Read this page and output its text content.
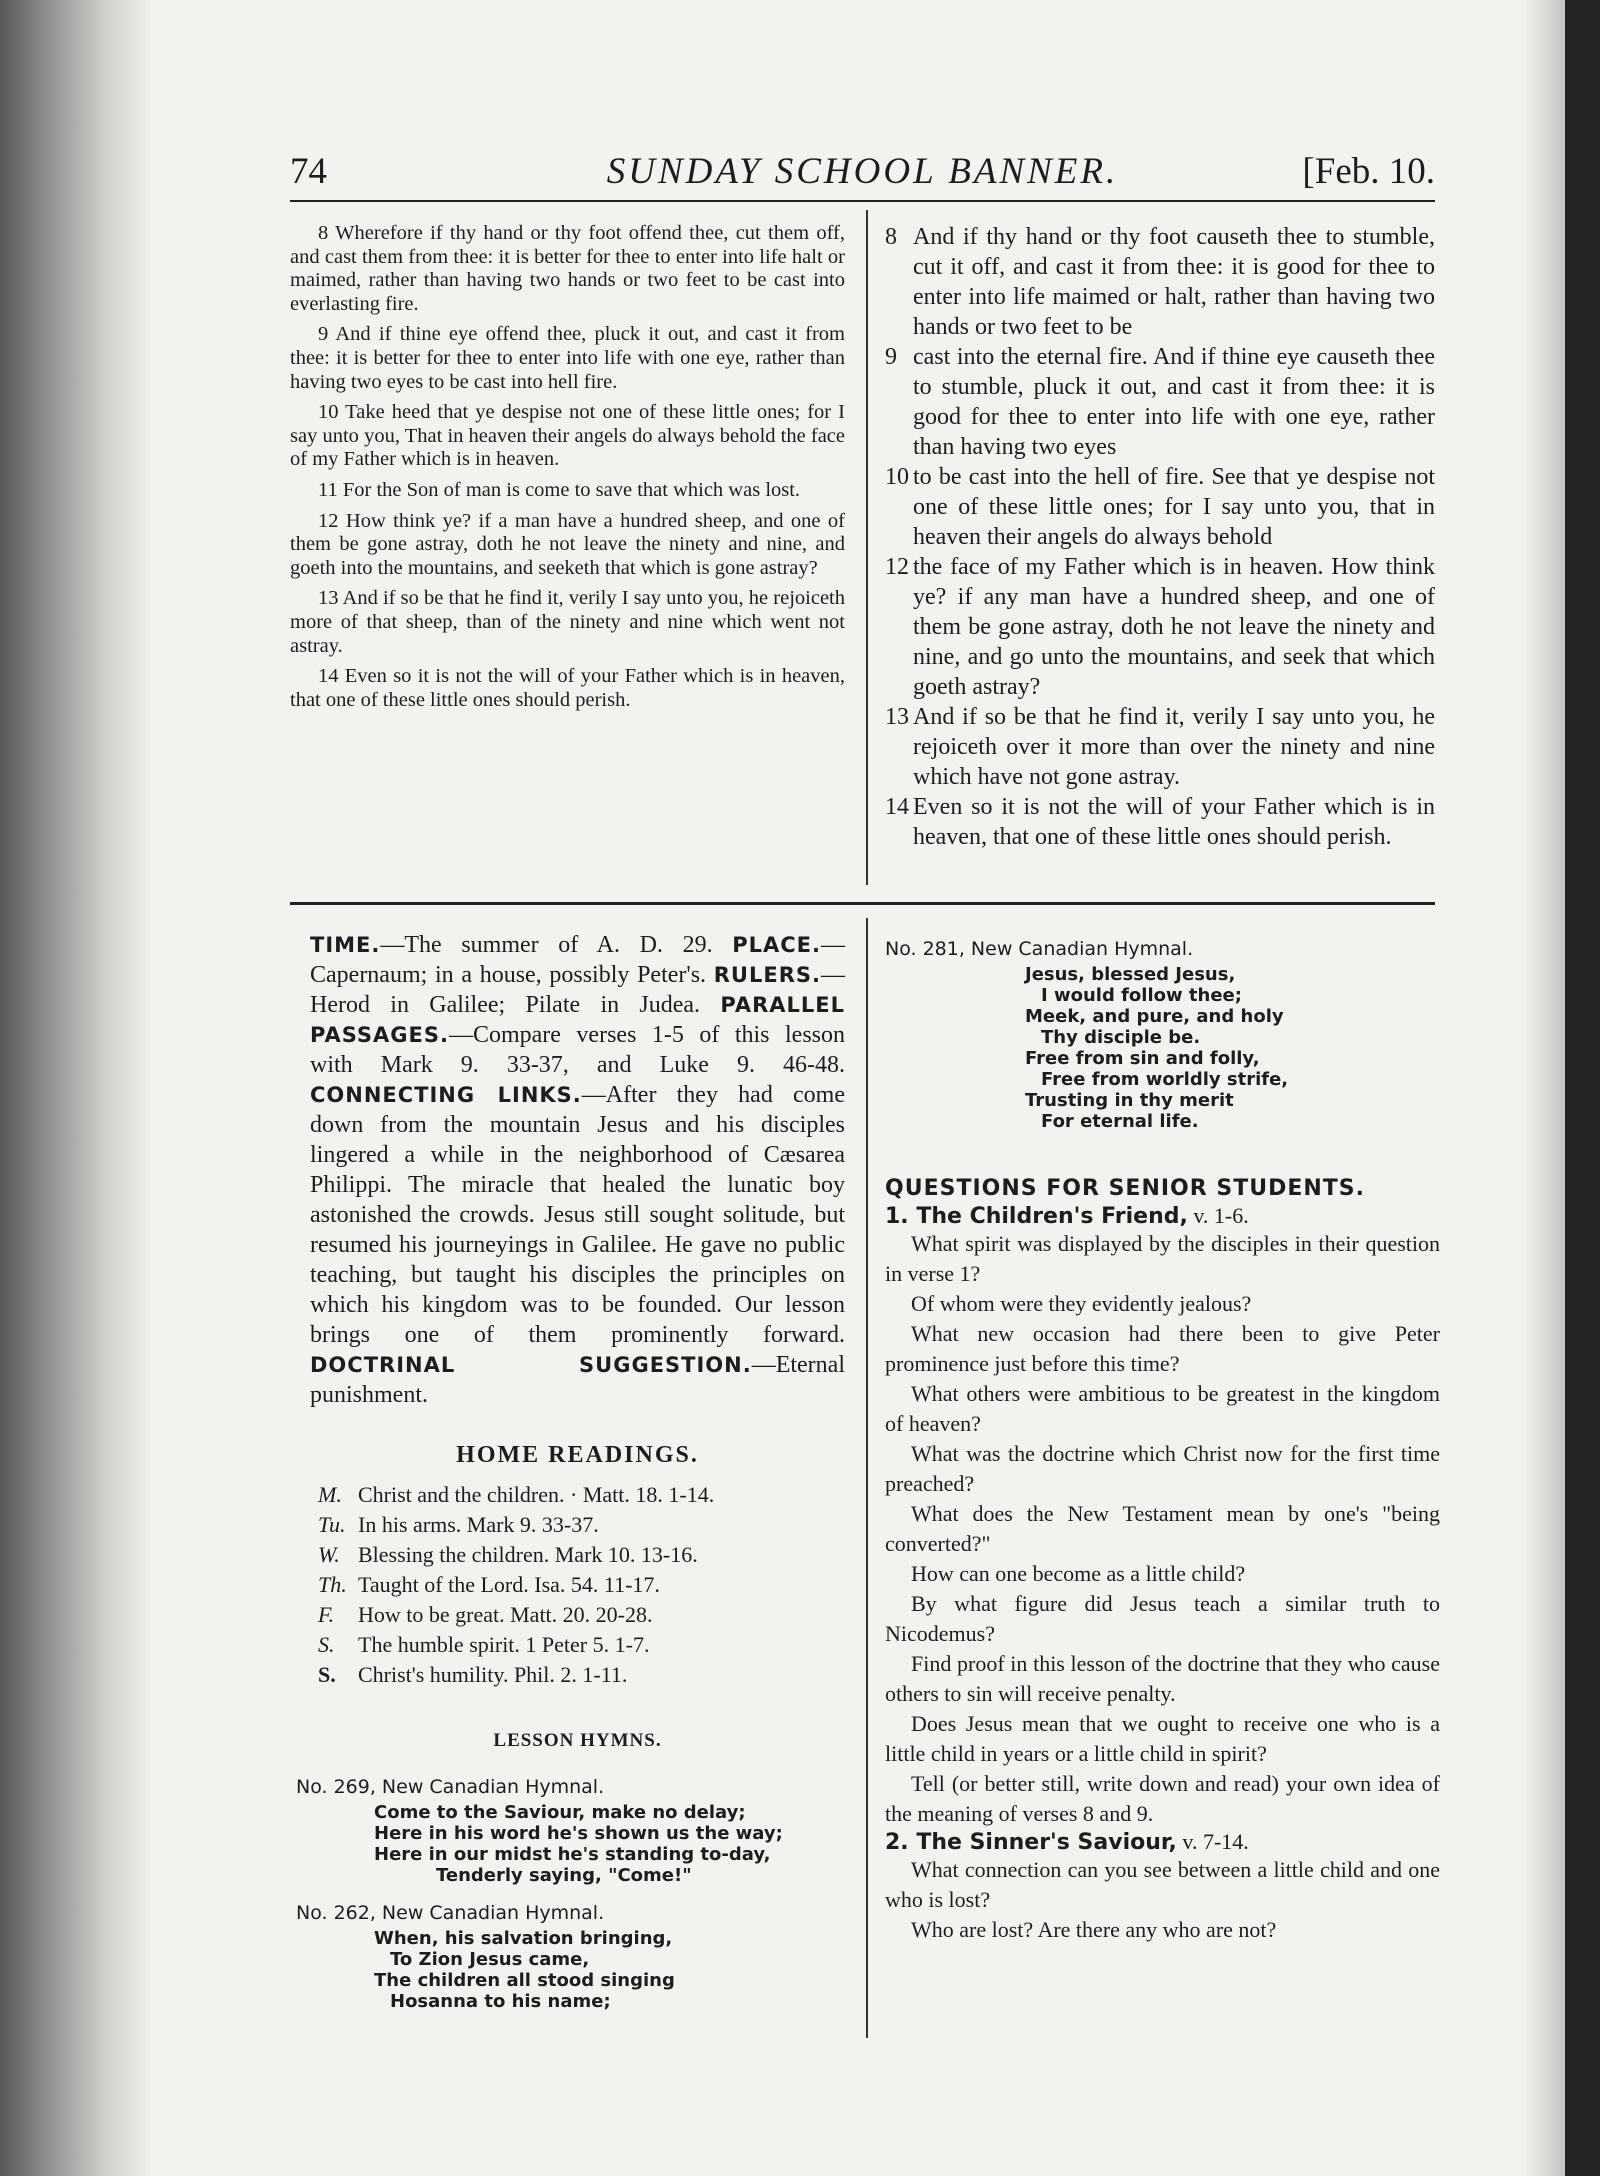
74	SUNDAY SCHOOL BANNER.	[Feb. 10.

8 Wherefore if thy hand or thy foot offend thee, cut them off, and cast them from thee: it is better for thee to enter into life halt or maimed, rather than having two hands or two feet to be cast into everlasting fire.

9 And if thine eye offend thee, pluck it out, and cast it from thee: it is better for thee to enter into life with one eye, rather than having two eyes to be cast into hell fire.

10 Take heed that ye despise not one of these little ones; for I say unto you, That in heaven their angels do always behold the face of my Father which is in heaven.

11 For the Son of man is come to save that which was lost.

12 How think ye? if a man have a hundred sheep, and one of them be gone astray, doth he not leave the ninety and nine, and goeth into the mountains, and seeketh that which is gone astray?

13 And if so be that he find it, verily I say unto you, he rejoiceth more of that sheep, than of the ninety and nine which went not astray.

14 Even so it is not the will of your Father which is in heaven, that one of these little ones should perish.

8 And if thy hand or thy foot causeth thee to stumble, cut it off, and cast it from thee: it is good for thee to enter into life maimed or halt, rather than having two hands or two feet to be
9 cast into the eternal fire. And if thine eye causeth thee to stumble, pluck it out, and cast it from thee: it is good for thee to enter into life with one eye, rather than having two eyes
10 to be cast into the hell of fire. See that ye despise not one of these little ones; for I say unto you, that in heaven their angels do always behold
12 the face of my Father which is in heaven. How think ye? if any man have a hundred sheep, and one of them be gone astray, doth he not leave the ninety and nine, and go unto the mountains, and seek that which goeth astray?
13 And if so be that he find it, verily I say unto you, he rejoiceth over it more than over the ninety and nine which have not gone astray.
14 Even so it is not the will of your Father which is in heaven, that one of these little ones should perish.

TIME.—The summer of A. D. 29. PLACE.—Capernaum; in a house, possibly Peter's. RULERS.—Herod in Galilee; Pilate in Judea. PARALLEL PASSAGES.—Compare verses 1-5 of this lesson with Mark 9. 33-37, and Luke 9. 46-48. CONNECTING LINKS.—After they had come down from the mountain Jesus and his disciples lingered a while in the neighborhood of Cæsarea Philippi. The miracle that healed the lunatic boy astonished the crowds. Jesus still sought solitude, but resumed his journeyings in Galilee. He gave no public teaching, but taught his disciples the principles on which his kingdom was to be founded. Our lesson brings one of them prominently forward. DOCTRINAL SUGGESTION.—Eternal punishment.

HOME READINGS.
M. Christ and the children. · Matt. 18. 1-14.
Tu. In his arms. Mark 9. 33-37.
W. Blessing the children. Mark 10. 13-16.
Th. Taught of the Lord. Isa. 54. 11-17.
F.	How to be great. Matt. 20. 20-28.
S.	The humble spirit. 1 Peter 5. 1-7.
S.	Christ's humility. Phil. 2. 1-11.
LESSON HYMNS.
No. 269, New Canadian Hymnal.
Come to the Saviour, make no delay;
Here in his word he's shown us the way;
Here in our midst he's standing to-day,
Tenderly saying, "Come!"
No. 262, New Canadian Hymnal.
When, his salvation bringing,
To Zion Jesus came,
The children all stood singing
Hosanna to his name;
No. 281, New Canadian Hymnal.
Jesus, blessed Jesus,
I would follow thee;
Meek, and pure, and holy
Thy disciple be.
Free from sin and folly,
Free from worldly strife,
Trusting in thy merit
For eternal life.
QUESTIONS FOR SENIOR STUDENTS.
1. The Children's Friend, v. 1-6.

What spirit was displayed by the disciples in their question in verse 1?

Of whom were they evidently jealous?

What new occasion had there been to give Peter prominence just before this time?

What others were ambitious to be greatest in the kingdom of heaven?

What was the doctrine which Christ now for the first time preached?

What does the New Testament mean by one's "being converted?"

How can one become as a little child?

By what figure did Jesus teach a similar truth to Nicodemus?

Find proof in this lesson of the doctrine that they who cause others to sin will receive penalty.

Does Jesus mean that we ought to receive one who is a little child in years or a little child in spirit?

Tell (or better still, write down and read) your own idea of the meaning of verses 8 and 9.

2. The Sinner's Saviour, v. 7-14.

What connection can you see between a little child and one who is lost?

Who are lost? Are there any who are not?
